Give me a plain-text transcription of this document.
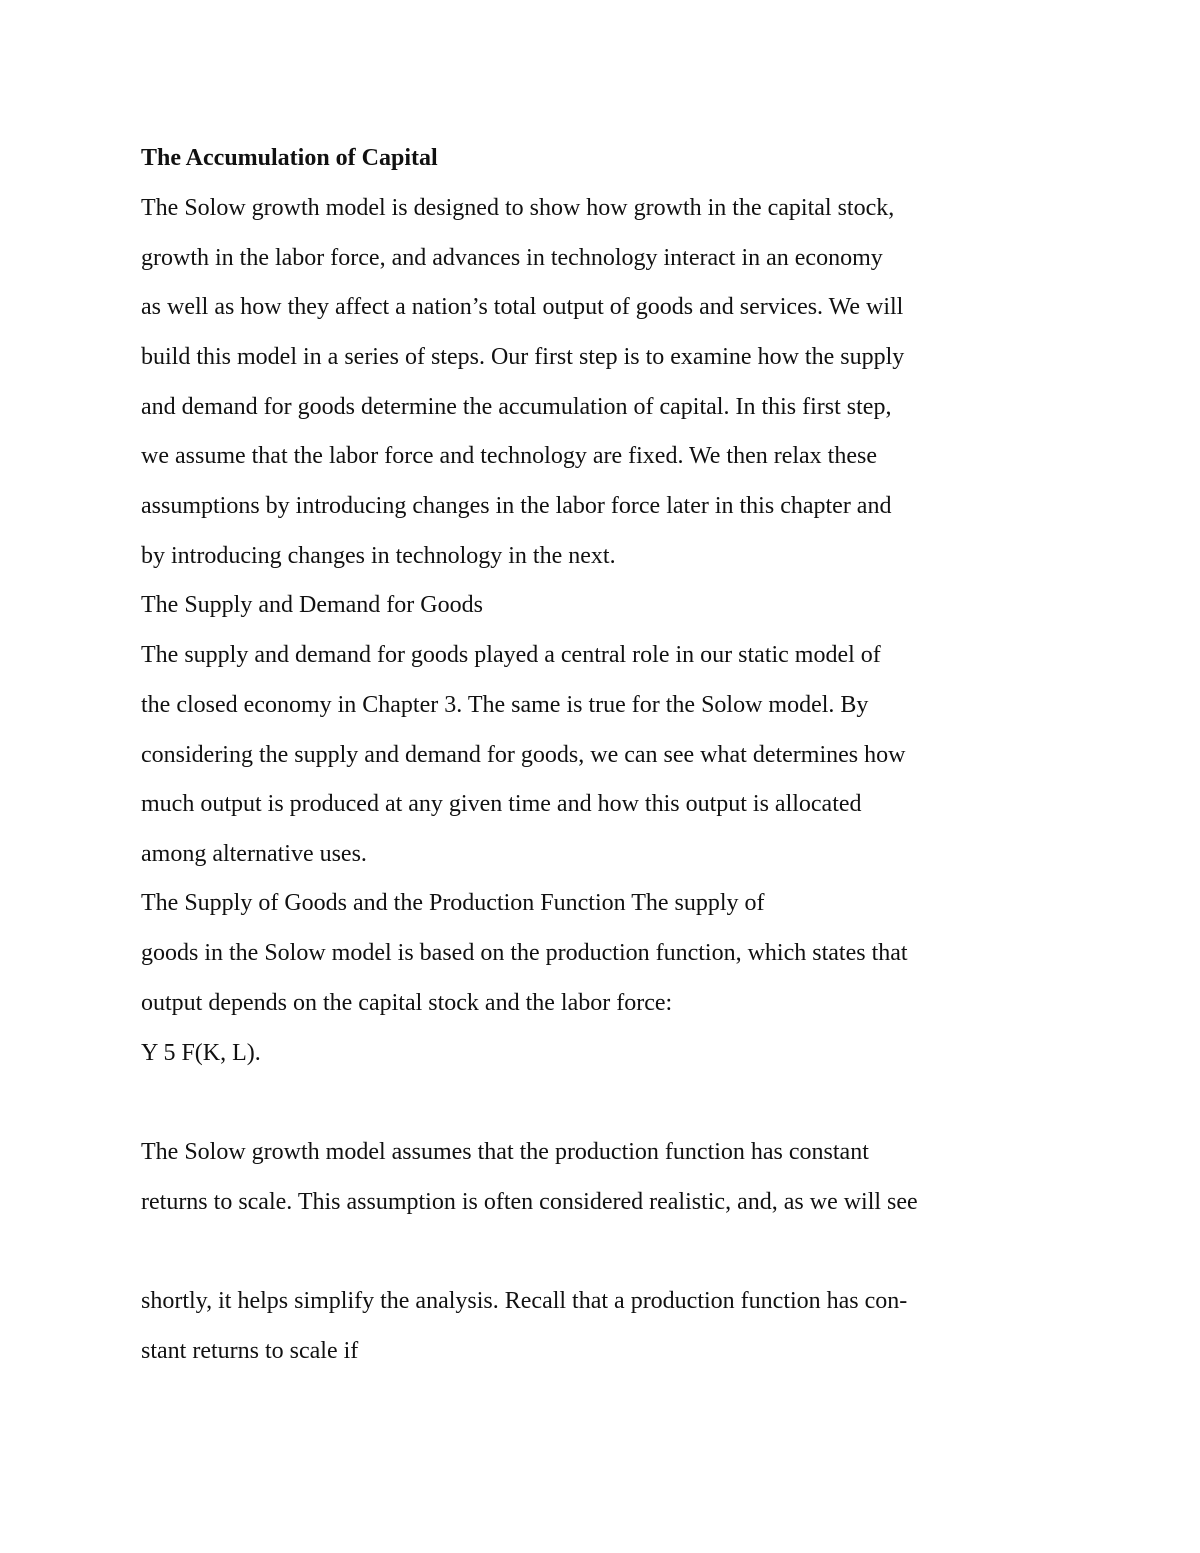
The Accumulation of Capital
The Solow growth model is designed to show how growth in the capital stock,
growth in the labor force, and advances in technology interact in an economy
as well as how they affect a nation’s total output of goods and services. We will
build this model in a series of steps. Our first step is to examine how the supply
and demand for goods determine the accumulation of capital. In this first step,
we assume that the labor force and technology are fixed. We then relax these
assumptions by introducing changes in the labor force later in this chapter and
by introducing changes in technology in the next.
The Supply and Demand for Goods
The supply and demand for goods played a central role in our static model of
the closed economy in Chapter 3. The same is true for the Solow model. By
considering the supply and demand for goods, we can see what determines how
much output is produced at any given time and how this output is allocated
among alternative uses.
The Supply of Goods and the Production Function The supply of
goods in the Solow model is based on the production function, which states that
output depends on the capital stock and the labor force:
Y 5 F(K, L).
The Solow growth model assumes that the production function has constant
returns to scale. This assumption is often considered realistic, and, as we will see
shortly, it helps simplify the analysis. Recall that a production function has con-
stant returns to scale if
